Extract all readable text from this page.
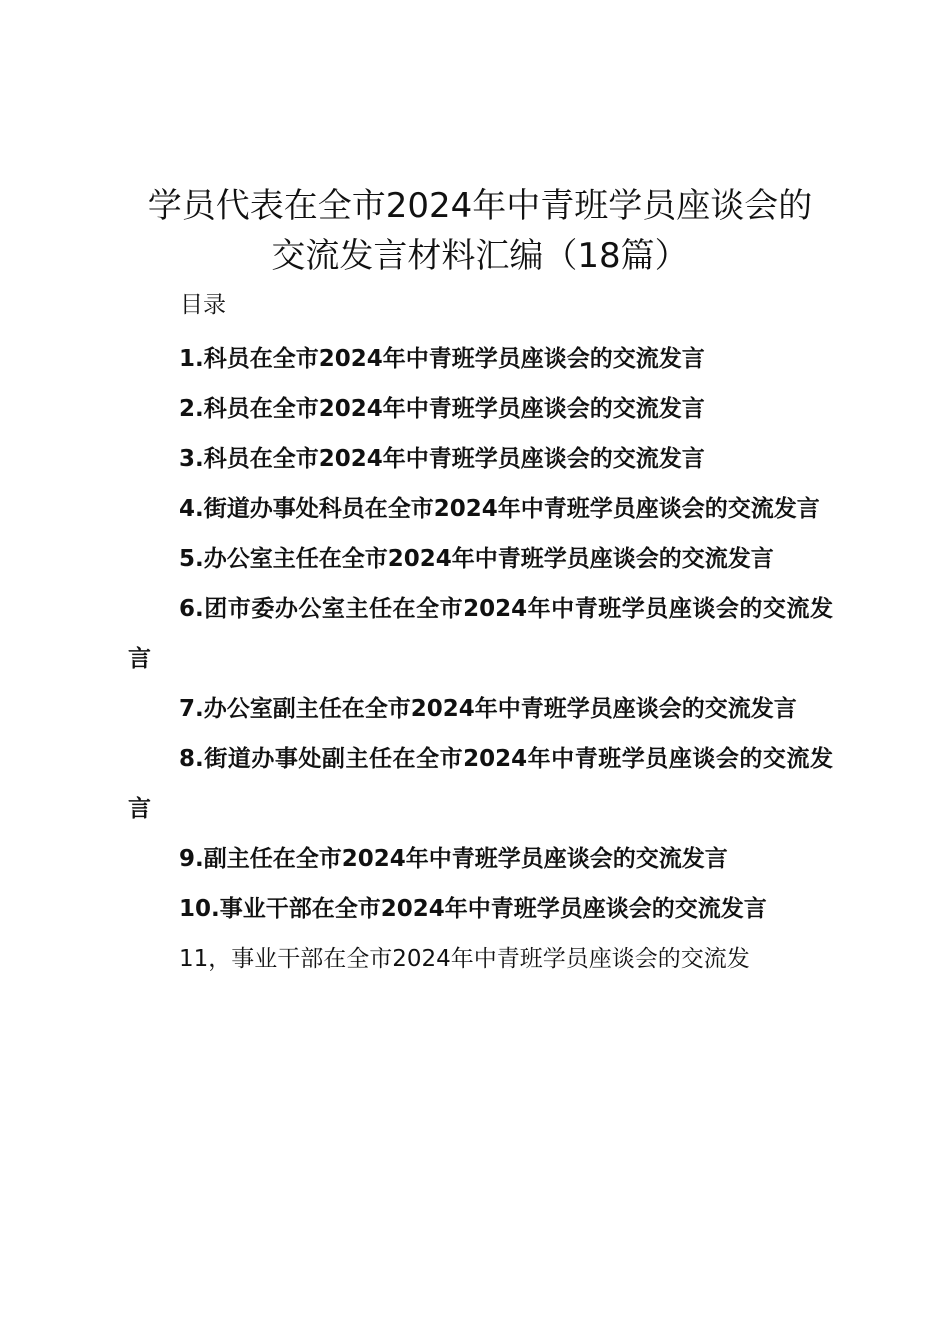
学员代表在全市2024年中青班学员座谈会的
交流发言材料汇编（18篇）
目录

1.科员在全市2024年中青班学员座谈会的交流发言

2.科员在全市2024年中青班学员座谈会的交流发言

3.科员在全市2024年中青班学员座谈会的交流发言

4.街道办事处科员在全市2024年中青班学员座谈会的交流发言

5.办公室主任在全市2024年中青班学员座谈会的交流发言

6.团市委办公室主任在全市2024年中青班学员座谈会的交流发言

7.办公室副主任在全市2024年中青班学员座谈会的交流发言

8.街道办事处副主任在全市2024年中青班学员座谈会的交流发言

9.副主任在全市2024年中青班学员座谈会的交流发言

10.事业干部在全市2024年中青班学员座谈会的交流发言

11，事业干部在全市2024年中青班学员座谈会的交流发
